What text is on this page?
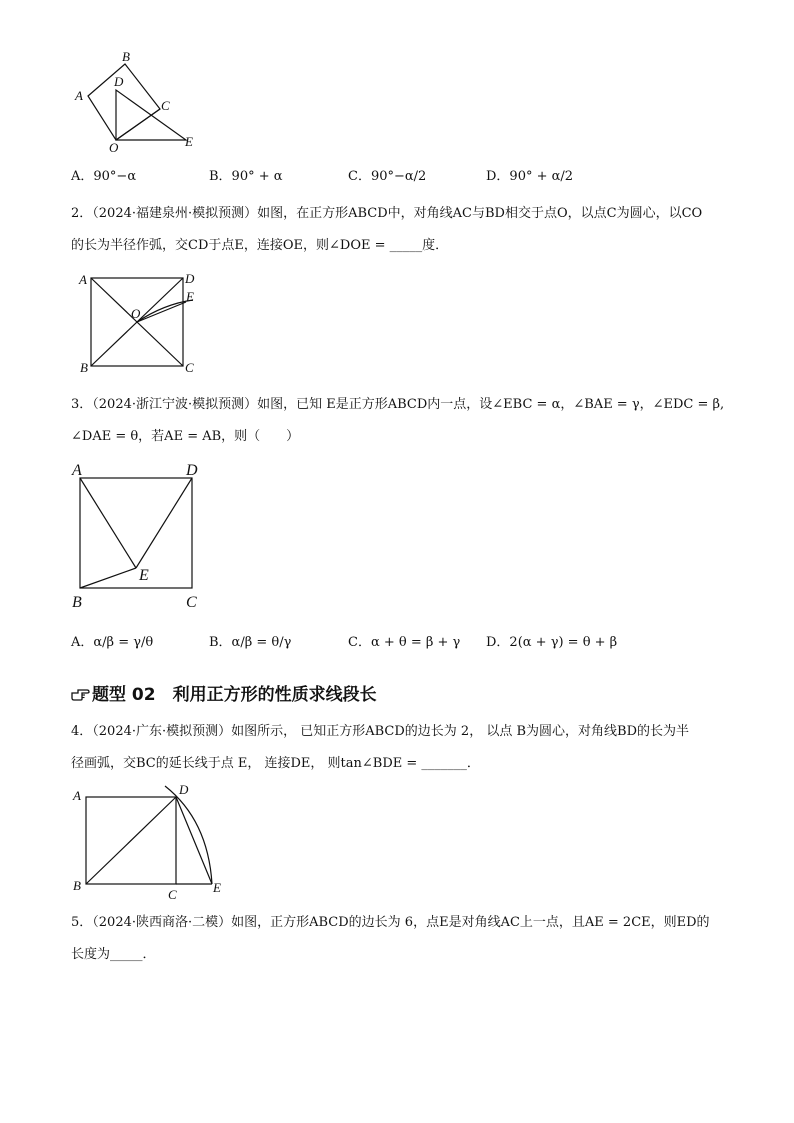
A
B
C
D
E
O
A．90°−α	B．90° + α	C．90°−α/2	D．90° + α/2
2．（2024·福建泉州·模拟预测）如图，在正方形ABCD中，对角线AC与BD相交于点O，以点C为圆心，以CO
的长为半径作弧，交CD于点E，连接OE，则∠DOE = _____度．
A
B	C
D
E
O
3．（2024·浙江宁波·模拟预测）如图，已知 E是正方形ABCD内一点，设∠EBC = α，∠BAE = γ，∠EDC = β,
∠DAE = θ，若AE = AB，则（　　）
A
B	C
D
E
A．α/β = γ/θ	B．α/β = θ/γ	C．α + θ = β + γ D．2(α + γ) = θ + β
题型 02　利用正方形的性质求线段长
4．（2024·广东·模拟预测）如图所示， 已知正方形ABCD的边长为 2， 以点 B为圆心，对角线BD的长为半
径画弧，交BC的延长线于点 E， 连接DE， 则tan∠BDE = _______．
A
B
C
D
E
5．（2024·陕西商洛·二模）如图，正方形ABCD的边长为 6，点E是对角线AC上一点，且AE = 2CE，则ED的
长度为_____．
